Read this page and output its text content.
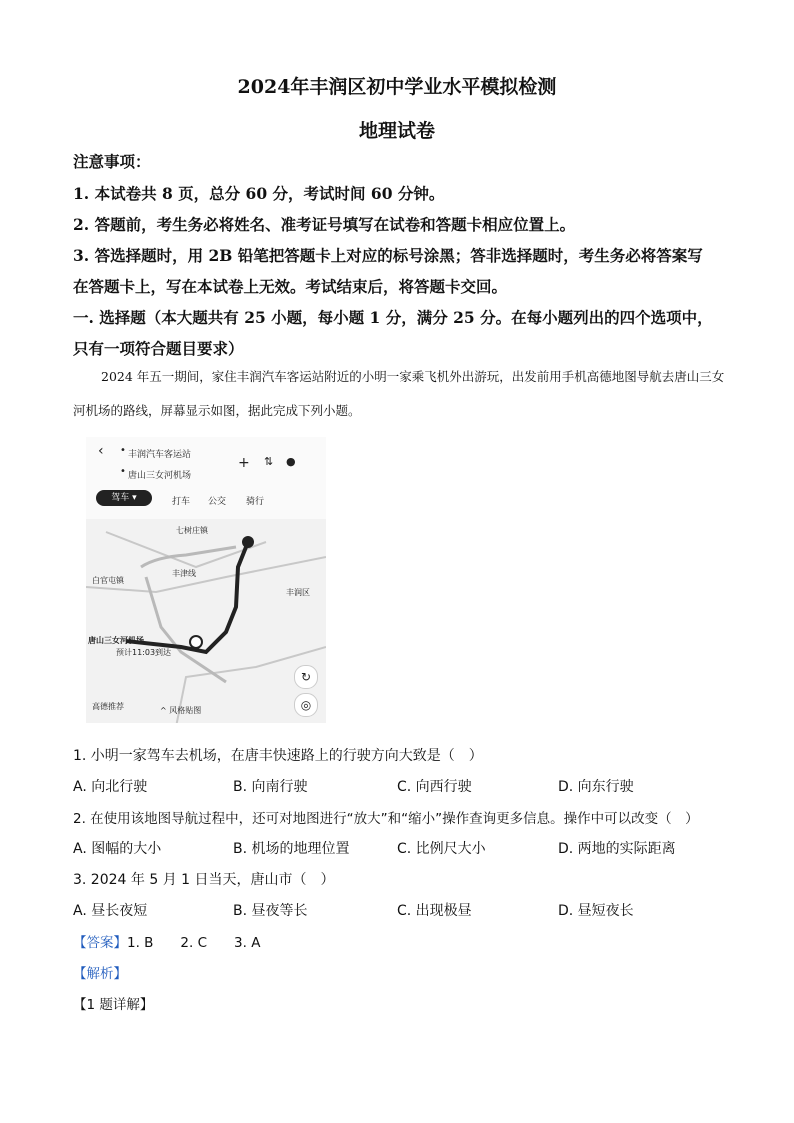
2024年丰润区初中学业水平模拟检测
地理试卷
注意事项：
1. 本试卷共 8 页，总分 60 分，考试时间 60 分钟。
2. 答题前，考生务必将姓名、准考证号填写在试卷和答题卡相应位置上。
3. 答选择题时，用 2B 铅笔把答题卡上对应的标号涂黑；答非选择题时，考生务必将答案写
在答题卡上，写在本试卷上无效。考试结束后，将答题卡交回。
一. 选择题（本大题共有 25 小题，每小题 1 分，满分 25 分。在每小题列出的四个选项中，
只有一项符合题目要求）
2024 年五一期间，家住丰润汽车客运站附近的小明一家乘飞机外出游玩，出发前用手机高德地图导航去唐山三女河机场的路线，屏幕显示如图，据此完成下列小题。
‹	丰润汽车客运站
唐山三女河机场
•
•
+ ⇅ ●
驾车 ▾	打车 公交 骑行
七树庄镇
丰津线
白官屯镇
唐山三女河机场
预计11:03到达
丰润区
高德推荐	^ 风格贴图
↻
◎
1. 小明一家驾车去机场，在唐丰快速路上的行驶方向大致是（　）
A. 向北行驶	B. 向南行驶	C. 向西行驶	D. 向东行驶
2. 在使用该地图导航过程中，还可对地图进行“放大”和“缩小”操作查询更多信息。操作中可以改变（　）
A. 图幅的大小	B. 机场的地理位置	C. 比例尺大小	D. 两地的实际距离
3. 2024 年 5 月 1 日当天，唐山市（　）
A. 昼长夜短	B. 昼夜等长	C. 出现极昼	D. 昼短夜长
【答案】1. B　　2. C　　3. A
【解析】
【1 题详解】
